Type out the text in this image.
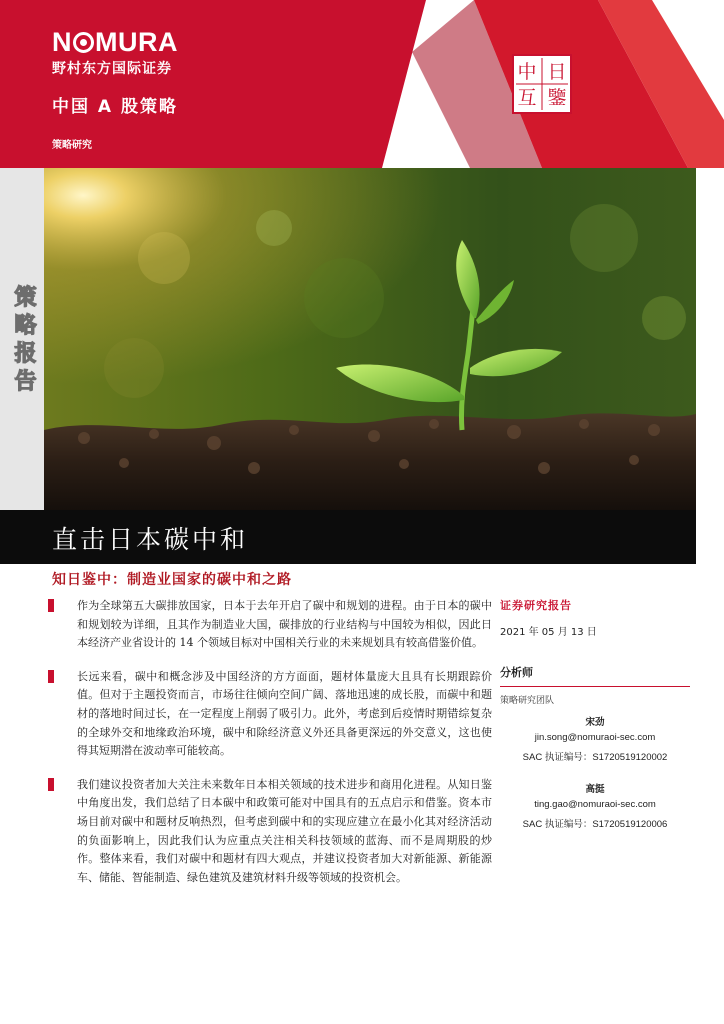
N MURA
野村东方国际证券
中国 A 股策略
策略研究
中 日
互 鑒
策略报告
直击日本碳中和
知日鉴中：制造业国家的碳中和之路
作为全球第五大碳排放国家，日本于去年开启了碳中和规划的进程。由于日本的碳中和规划较为详细，且其作为制造业大国，碳排放的行业结构与中国较为相似，因此日本经济产业省设计的 14 个领域目标对中国相关行业的未来规划具有较高借鉴价值。
长远来看，碳中和概念涉及中国经济的方方面面，题材体量庞大且具有长期跟踪价值。但对于主题投资而言，市场往往倾向空间广阔、落地迅速的成长股，而碳中和题材的落地时间过长，在一定程度上削弱了吸引力。此外，考虑到后疫情时期错综复杂的全球外交和地缘政治环境，碳中和除经济意义外还具备更深远的外交意义，这也使得其短期潜在波动率可能较高。
我们建议投资者加大关注未来数年日本相关领域的技术进步和商用化进程。从知日鉴中角度出发，我们总结了日本碳中和政策可能对中国具有的五点启示和借鉴。资本市场目前对碳中和题材反响热烈，但考虑到碳中和的实现应建立在最小化其对经济活动的负面影响上，因此我们认为应重点关注相关科技领域的蓝海、而不是周期股的炒作。整体来看，我们对碳中和题材有四大观点，并建议投资者加大对新能源、新能源车、储能、智能制造、绿色建筑及建筑材料升级等领域的投资机会。
证券研究报告
2021 年 05 月 13 日
分析师
策略研究团队
宋劲
jin.song@nomuraoi-sec.com
SAC 执证编号：S1720519120002
高挺
ting.gao@nomuraoi-sec.com
SAC 执证编号：S1720519120006
